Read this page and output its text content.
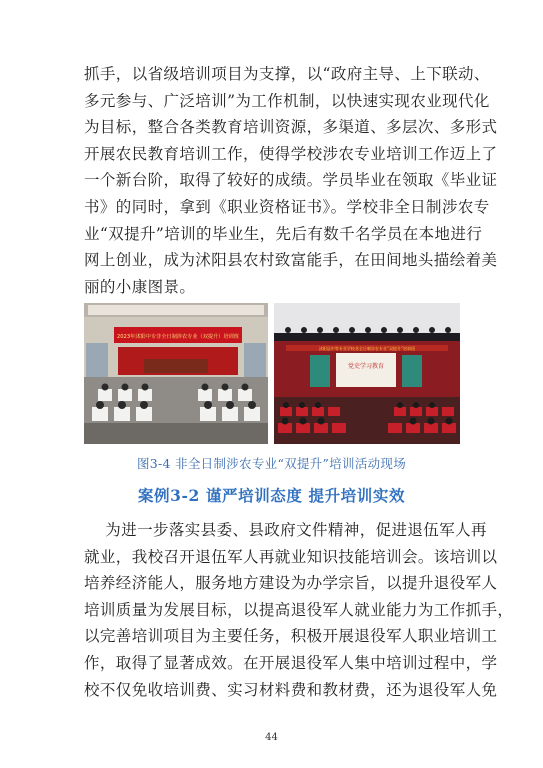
抓手，以省级培训项目为支撑，以“政府主导、上下联动、
多元参与、广泛培训”为工作机制，以快速实现农业现代化
为目标，整合各类教育培训资源，多渠道、多层次、多形式
开展农民教育培训工作，使得学校涉农专业培训工作迈上了
一个新台阶，取得了较好的成绩。学员毕业在领取《毕业证
书》的同时，拿到《职业资格证书》。学校非全日制涉农专
业“双提升”培训的毕业生，先后有数千名学员在本地进行
网上创业，成为沭阳县农村致富能手，在田间地头描绘着美
丽的小康图景。
2023年沭阳中专非全日制涉农专业（双提升）培训班
沭阳县中等专业学校非全日制涉农专业“双提升”培训班
党史学习教育
图3-4 非全日制涉农专业“双提升”培训活动现场
案例3-2 谨严培训态度 提升培训实效
为进一步落实县委、县政府文件精神，促进退伍军人再
就业，我校召开退伍军人再就业知识技能培训会。该培训以
培养经济能人，服务地方建设为办学宗旨，以提升退役军人
培训质量为发展目标，以提高退役军人就业能力为工作抓手，
以完善培训项目为主要任务，积极开展退役军人职业培训工
作，取得了显著成效。在开展退役军人集中培训过程中，学
校不仅免收培训费、实习材料费和教材费，还为退役军人免
44
